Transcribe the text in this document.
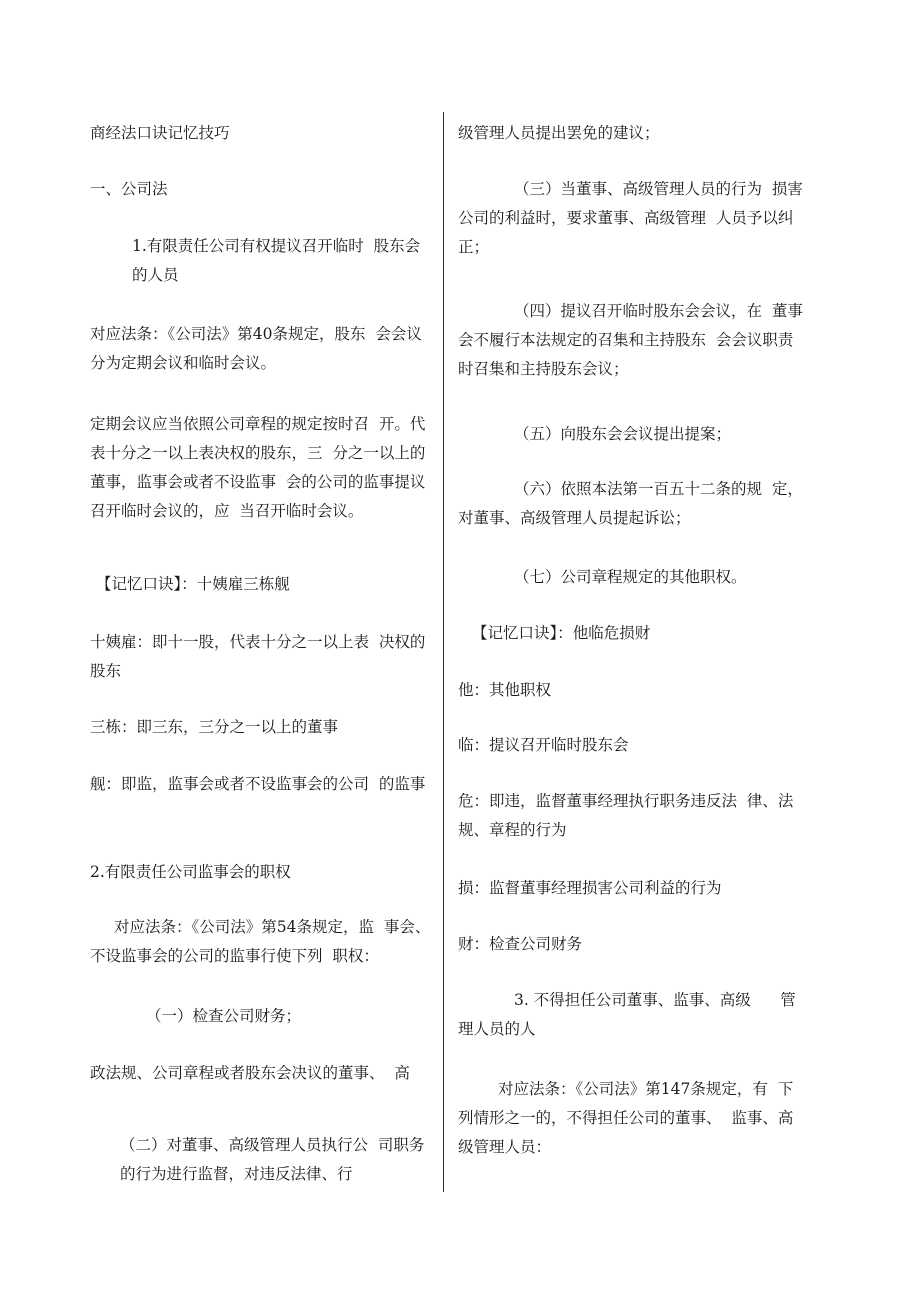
商经法口诀记忆技巧
一、公司法
1.有限责任公司有权提议召开临时  股东会的人员
对应法条：《公司法》第40条规定，股东  会会议分为定期会议和临时会议。
定期会议应当依照公司章程的规定按时召  开。代表十分之一以上表决权的股东，三  分之一以上的董事，监事会或者不设监事  会的公司的监事提议召开临时会议的，应  当召开临时会议。
【记忆口诀】：十姨雇三栋舰
十姨雇：即十一股，代表十分之一以上表  决权的股东
三栋：即三东，三分之一以上的董事
舰：即监，监事会或者不设监事会的公司  的监事
2.有限责任公司监事会的职权
对应法条：《公司法》第54条规定，监  事会、不设监事会的公司的监事行使下列  职权：
（一）检查公司财务；
政法规、公司章程或者股东会决议的董事、  高
（二）对董事、高级管理人员执行公  司职务的行为进行监督，对违反法律、行
级管理人员提出罢免的建议；
（三）当董事、高级管理人员的行为  损害公司的利益时，要求董事、高级管理  人员予以纠正；
（四）提议召开临时股东会会议，在  董事会不履行本法规定的召集和主持股东  会会议职责时召集和主持股东会议；
（五）向股东会会议提出提案；
（六）依照本法第一百五十二条的规  定，对董事、高级管理人员提起诉讼；
（七）公司章程规定的其他职权。
【记忆口诀】：他临危损财
他：其他职权
临：提议召开临时股东会
危：即违，监督董事经理执行职务违反法  律、法规、章程的行为
损：监督董事经理损害公司利益的行为
财：检查公司财务
3. 不得担任公司董事、监事、高级      管理人员的人
对应法条：《公司法》第147条规定，有  下列情形之一的，不得担任公司的董事、  监事、高级管理人员：
